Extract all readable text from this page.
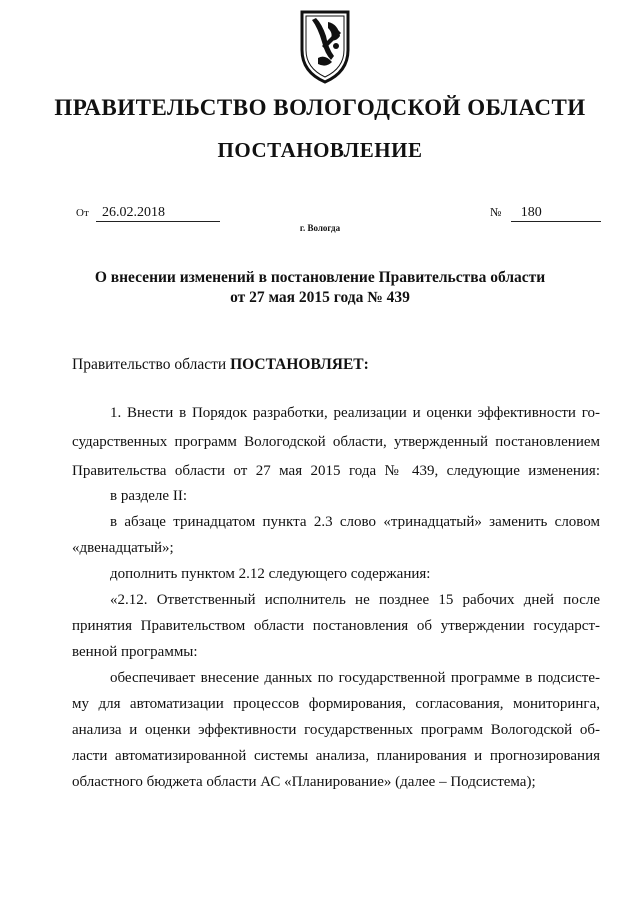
ПРАВИТЕЛЬСТВО ВОЛОГОДСКОЙ ОБЛАСТИ
ПОСТАНОВЛЕНИЕ
От 26.02.2018	№ 180
г. Вологда
О внесении изменений в постановление Правительства области
от 27 мая 2015 года № 439
Правительство области ПОСТАНОВЛЯЕТ:
1. Внести в Порядок разработки, реализации и оценки эффективности го-
сударственных программ Вологодской области, утвержденный постановлением
Правительства области от 27 мая 2015 года № 439, следующие изменения:
в разделе II:
в абзаце тринадцатом пункта 2.3 слово «тринадцатый» заменить словом
«двенадцатый»;
дополнить пунктом 2.12 следующего содержания:
«2.12. Ответственный исполнитель не позднее 15 рабочих дней после
принятия Правительством области постановления об утверждении государст-
венной программы:
обеспечивает внесение данных по государственной программе в подсисте-
му для автоматизации процессов формирования, согласования, мониторинга,
анализа и оценки эффективности государственных программ Вологодской об-
ласти автоматизированной системы анализа, планирования и прогнозирования
областного бюджета области АС «Планирование» (далее – Подсистема);
